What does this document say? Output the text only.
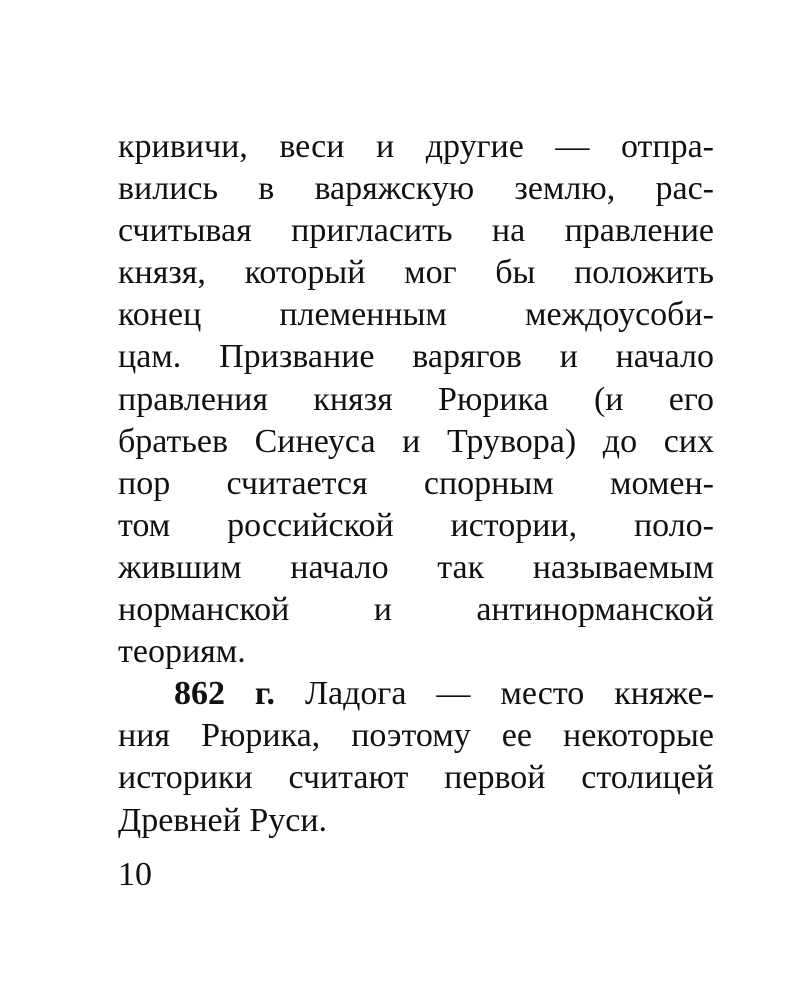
кривичи, веси и другие — отпра-
вились в варяжскую землю, рас-
считывая пригласить на правление
князя, который мог бы положить
конец племенным междоусоби-
цам. Призвание варягов и начало
правления князя Рюрика (и его
братьев Синеуса и Трувора) до сих
пор считается спорным момен-
том российской истории, поло-
жившим начало так называемым
норманской и антинорманской
теориям.
862 г. Ладога — место княже-
ния Рюрика, поэтому ее некоторые
историки считают первой столицей
Древней Руси.
10
